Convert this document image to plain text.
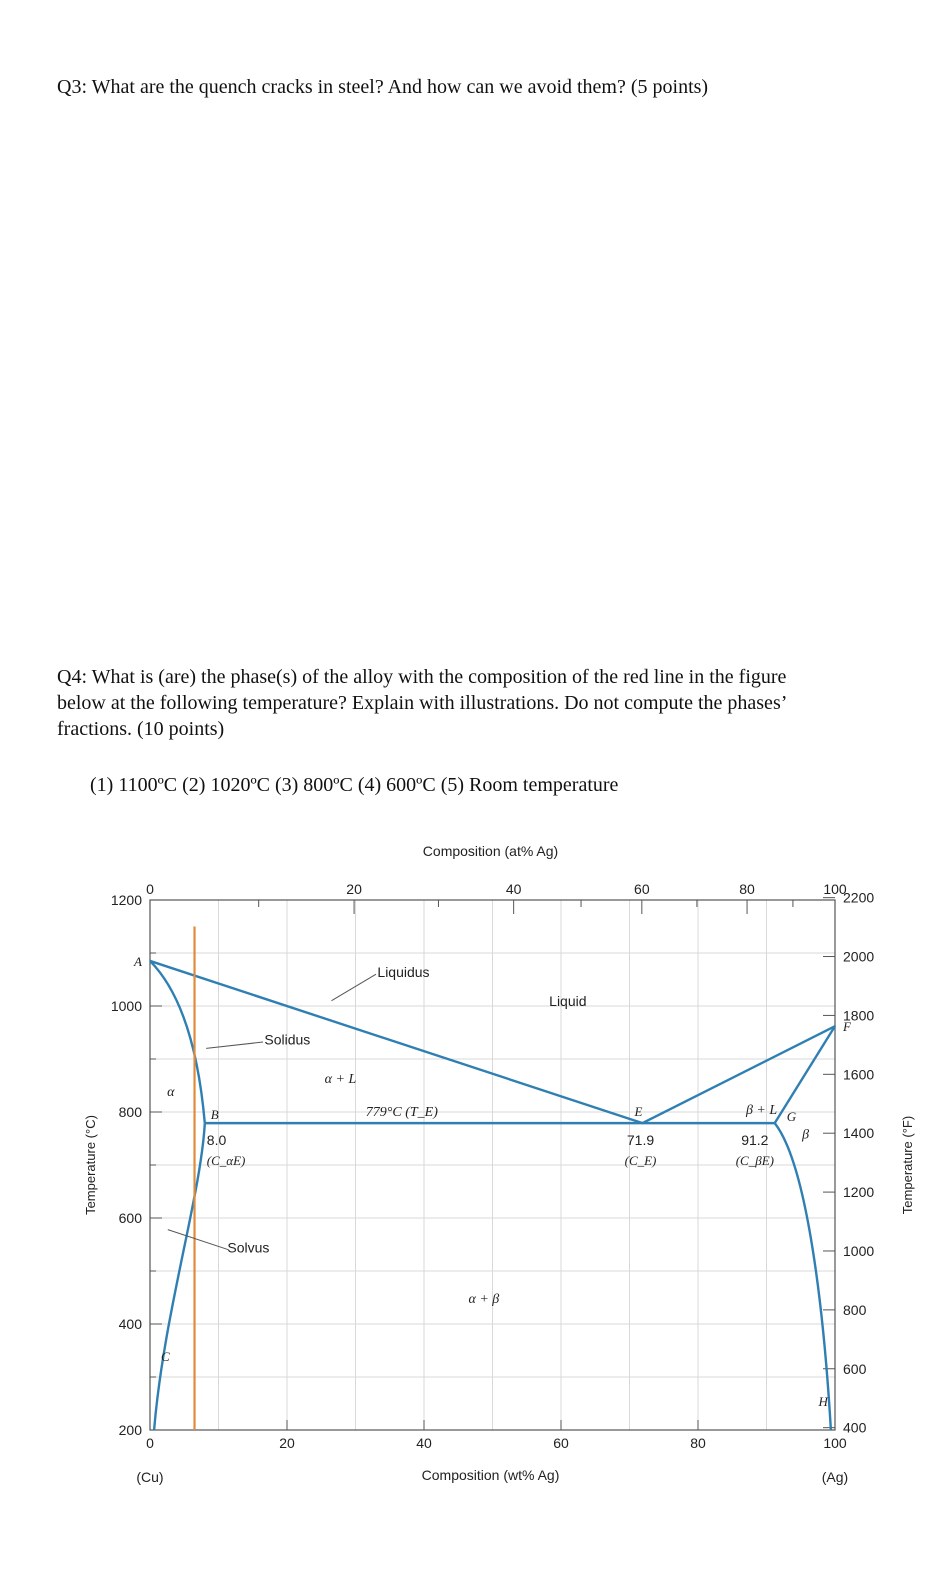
Q3: What are the quench cracks in steel? And how can we avoid them? (5 points)
Q4: What is (are) the phase(s) of the alloy with the composition of the red line in the figure
below at the following temperature? Explain with illustrations. Do not compute the phases’
fractions. (10 points)
(1) 1100ºC (2) 1020ºC (3) 800ºC (4) 600ºC (5) Room temperature
0	20	40	60	80	100
0	20	40	60	80	100
1200
1000
800
600
400
200
2200
2000
1800
1600
1400
1200
1000
800
600
400
Composition (at% Ag)
Composition (wt% Ag)
Temperature (°C)	Temperature (°F)
(Cu)	(Ag)
A
B
C
E
F
G
H
8.0
(C_αE)
71.9
(C_E)
91.2
(C_βE)
779°C (T_E)
Liquid
α + L
β + L
α
β
α + β
Liquidus
Solidus
Solvus
